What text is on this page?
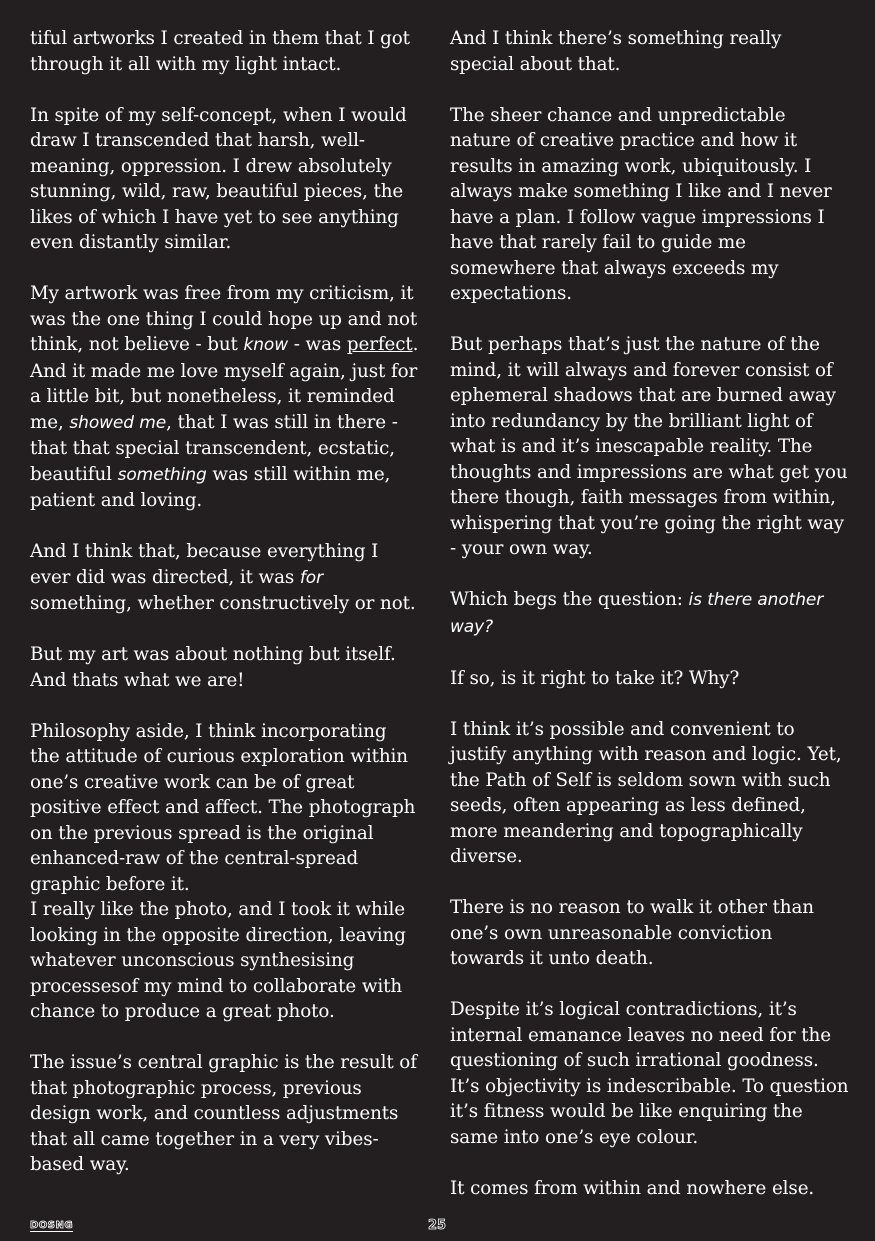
tiful artworks I created in them that I got through it all with my light intact.

In spite of my self-concept, when I would draw I transcended that harsh, well-meaning, oppression. I drew absolutely stunning, wild, raw, beautiful pieces, the likes of which I have yet to see anything even distantly similar.

My artwork was free from my criticism, it was the one thing I could hope up and not think, not believe - but know - was perfect. And it made me love myself again, just for a little bit, but nonetheless, it reminded me, showed me, that I was still in there - that that special transcendent, ecstatic, beautiful something was still within me, patient and loving.

And I think that, because everything I ever did was directed, it was for something, whether constructively or not.

But my art was about nothing but itself. And thats what we are!

Philosophy aside, I think incorporating the attitude of curious exploration within one’s creative work can be of great positive effect and affect. The photograph on the previous spread is the original enhanced-raw of the central-spread graphic before it.

I really like the photo, and I took it while looking in the opposite direction, leaving whatever unconscious synthesising processesof my mind to collaborate with chance to produce a great photo.

The issue’s central graphic is the result of that photographic process, previous design work, and countless adjustments that all came together in a very vibes-based way.

And I think there’s something really special about that.

The sheer chance and unpredictable nature of creative practice and how it results in amazing work, ubiquitously. I always make something I like and I never have a plan. I follow vague impressions I have that rarely fail to guide me somewhere that always exceeds my expectations.

But perhaps that’s just the nature of the mind, it will always and forever consist of ephemeral shadows that are burned away into redundancy by the brilliant light of what is and it’s inescapable reality. The thoughts and impressions are what get you there though, faith messages from within, whispering that you’re going the right way - your own way.

Which begs the question: is there another way?

If so, is it right to take it? Why?

I think it’s possible and convenient to justify anything with reason and logic. Yet, the Path of Self is seldom sown with such seeds, often appearing as less defined, more meandering and topographically diverse.

There is no reason to walk it other than one’s own unreasonable conviction towards it unto death.

Despite it’s logical contradictions, it’s internal emanance leaves no need for the questioning of such irrational goodness. It’s objectivity is indescribable. To question it’s fitness would be like enquiring the same into one’s eye colour.

It comes from within and nowhere else.

DOSNG	25
